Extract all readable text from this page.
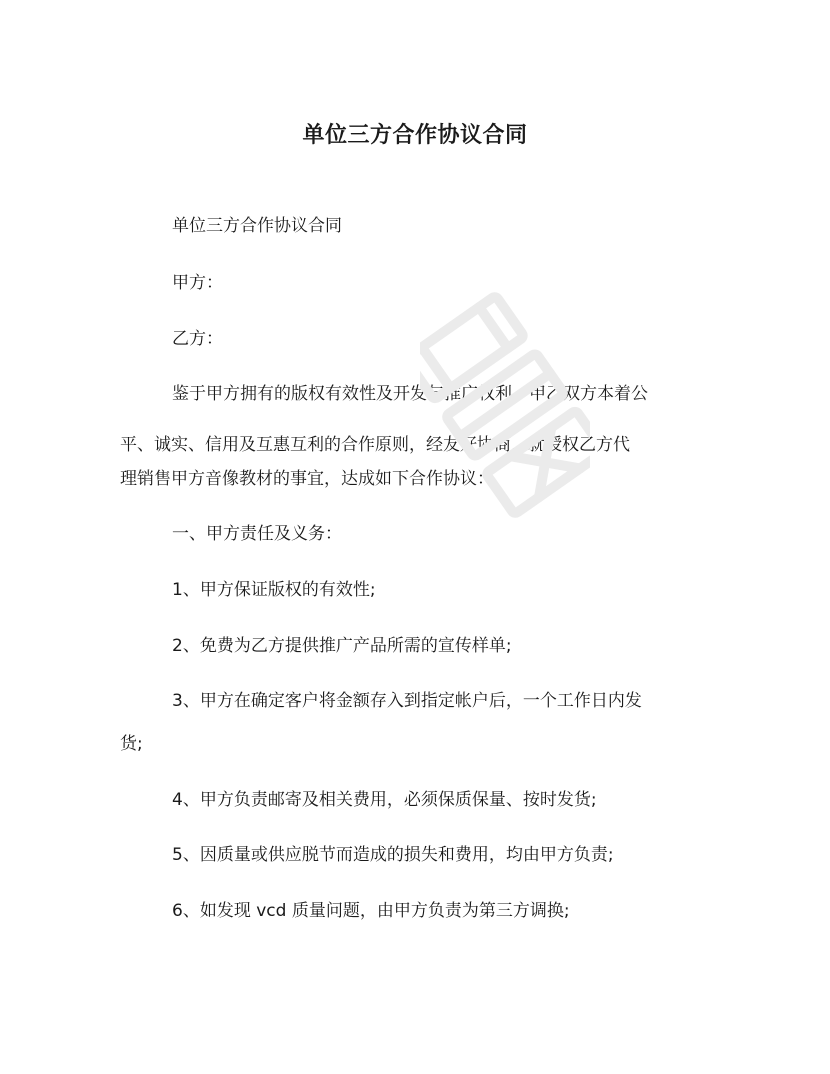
单位三方合作协议合同
单位三方合作协议合同
甲方：
乙方：
鉴于甲方拥有的版权有效性及开发与推广权利，甲乙双方本着公
平、诚实、信用及互惠互利的合作原则，经友好协商，就授权乙方代
理销售甲方音像教材的事宜，达成如下合作协议：
一、甲方责任及义务：
1、甲方保证版权的有效性;
2、免费为乙方提供推广产品所需的宣传样单;
3、甲方在确定客户将金额存入到指定帐户后，一个工作日内发
货;
4、甲方负责邮寄及相关费用，必须保质保量、按时发货;
5、因质量或供应脱节而造成的损失和费用，均由甲方负责;
6、如发现 vcd 质量问题，由甲方负责为第三方调换;
